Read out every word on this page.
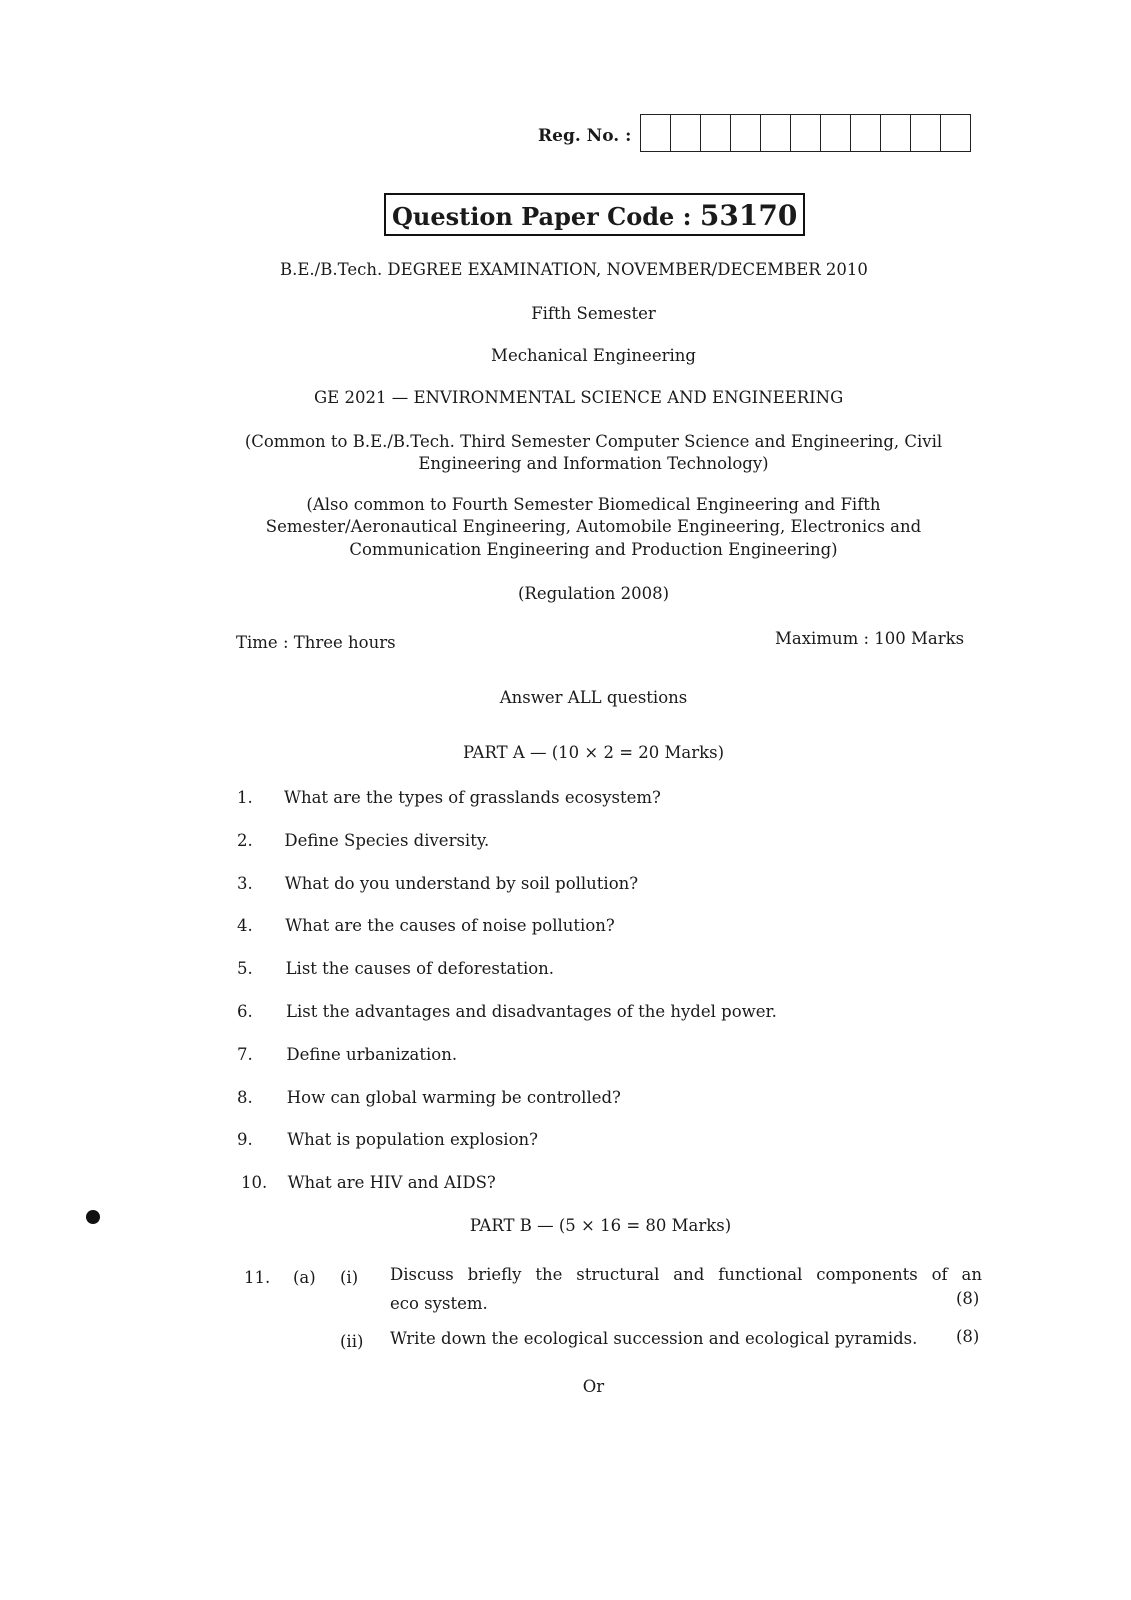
Reg. No. :
Question Paper Code : 53170
B.E./B.Tech. DEGREE EXAMINATION, NOVEMBER/DECEMBER 2010
Fifth Semester
Mechanical Engineering
GE 2021 — ENVIRONMENTAL SCIENCE AND ENGINEERING
(Common to B.E./B.Tech. Third Semester Computer Science and Engineering, Civil
Engineering and Information Technology)
(Also common to Fourth Semester Biomedical Engineering and Fifth
Semester/Aeronautical Engineering, Automobile Engineering, Electronics and
Communication Engineering and Production Engineering)
(Regulation 2008)
Time : Three hours	Maximum : 100 Marks
Answer ALL questions
PART A — (10 × 2 = 20 Marks)
1. What are the types of grasslands ecosystem?
2. Define Species diversity.
3. What do you understand by soil pollution?
4. What are the causes of noise pollution?
5. List the causes of deforestation.
6. List the advantages and disadvantages of the hydel power.
7. Define urbanization.
8. How can global warming be controlled?
9. What is population explosion?
10. What are HIV and AIDS?
PART B — (5 × 16 = 80 Marks)
11. (a) (i) Discuss briefly the structural and functional components of an
eco system.	(8)
(ii) Write down the ecological succession and ecological pyramids. (8)
Or
